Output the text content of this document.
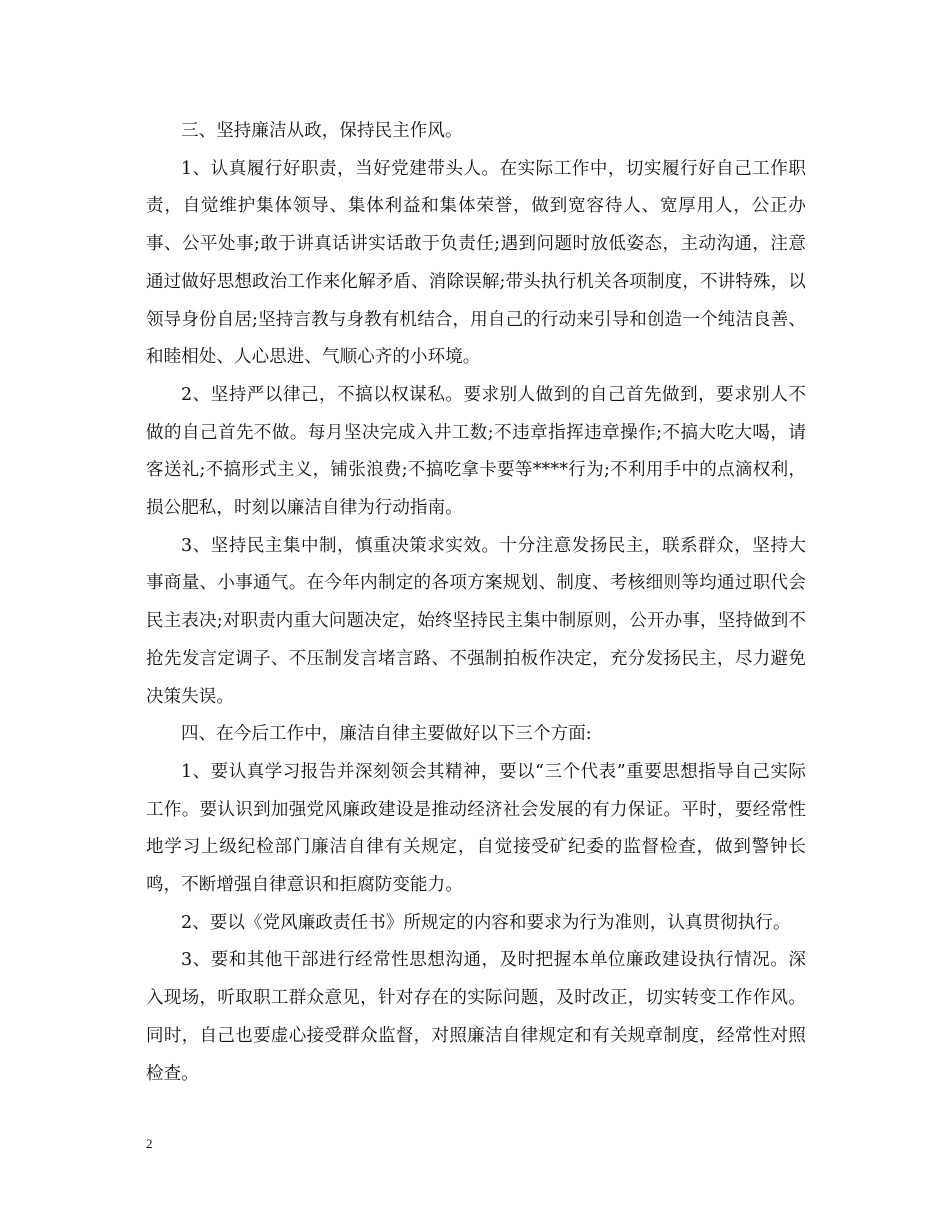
三、坚持廉洁从政，保持民主作风。

1、认真履行好职责，当好党建带头人。在实际工作中，切实履行好自己工作职责，自觉维护集体领导、集体利益和集体荣誉，做到宽容待人、宽厚用人，公正办事、公平处事;敢于讲真话讲实话敢于负责任;遇到问题时放低姿态，主动沟通，注意通过做好思想政治工作来化解矛盾、消除误解;带头执行机关各项制度，不讲特殊，以领导身份自居;坚持言教与身教有机结合，用自己的行动来引导和创造一个纯洁良善、和睦相处、人心思进、气顺心齐的小环境。

2、坚持严以律己，不搞以权谋私。要求别人做到的自己首先做到，要求别人不做的自己首先不做。每月坚决完成入井工数;不违章指挥违章操作;不搞大吃大喝，请客送礼;不搞形式主义，铺张浪费;不搞吃拿卡要等****行为;不利用手中的点滴权利，损公肥私，时刻以廉洁自律为行动指南。

3、坚持民主集中制，慎重决策求实效。十分注意发扬民主，联系群众，坚持大事商量、小事通气。在今年内制定的各项方案规划、制度、考核细则等均通过职代会民主表决;对职责内重大问题决定，始终坚持民主集中制原则，公开办事，坚持做到不抢先发言定调子、不压制发言堵言路、不强制拍板作决定，充分发扬民主，尽力避免决策失误。

四、在今后工作中，廉洁自律主要做好以下三个方面:

1、要认真学习报告并深刻领会其精神，要以“三个代表”重要思想指导自己实际工作。要认识到加强党风廉政建设是推动经济社会发展的有力保证。平时，要经常性地学习上级纪检部门廉洁自律有关规定，自觉接受矿纪委的监督检查，做到警钟长鸣，不断增强自律意识和拒腐防变能力。

2、要以《党风廉政责任书》所规定的内容和要求为行为准则，认真贯彻执行。

3、要和其他干部进行经常性思想沟通，及时把握本单位廉政建设执行情况。深入现场，听取职工群众意见，针对存在的实际问题，及时改正，切实转变工作作风。同时，自己也要虚心接受群众监督，对照廉洁自律规定和有关规章制度，经常性对照检查。

2
